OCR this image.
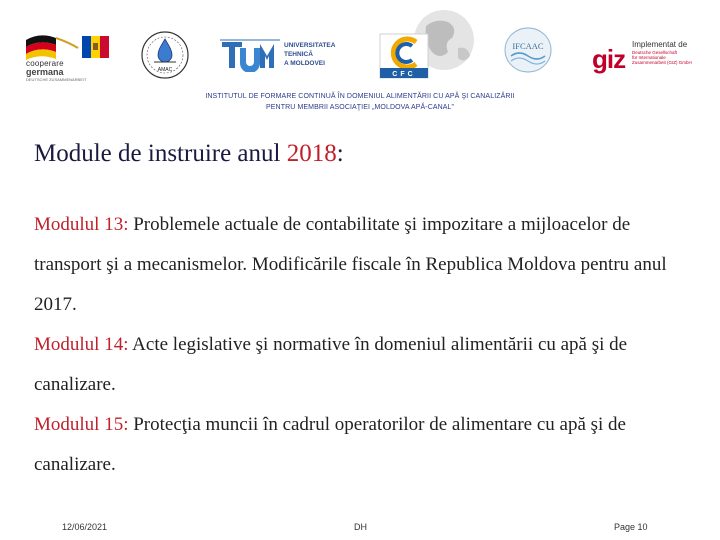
cooperare
germana
DEUTSCHE ZUSAMMENARBEIT
AMAC
UNIVERSITATEA TEHNICĂ
A MOLDOVEI
CFC
IFCAAC giz Implementat de
Deutsche Gesellschaft
für Internationale
Zusammenarbeit (GIZ) GmbH
INSTITUTUL DE FORMARE CONTINUĂ ÎN DOMENIUL ALIMENTĂRII CU APĂ ŞI CANALIZĂRII
PENTRU MEMBRII ASOCIAŢIEI „MOLDOVA APĂ-CANAL”
Module de instruire anul 2018:
Modulul 13: Problemele actuale de contabilitate şi impozitare a mijloacelor de transport şi a mecanismelor. Modificările fiscale în Republica Moldova pentru anul 2017.
Modulul 14: Acte legislative şi normative în domeniul alimentării cu apă şi de canalizare.
Modulul 15: Protecţia muncii în cadrul operatorilor de alimentare cu apă şi de canalizare.
12/06/2021	DH	Page 10
